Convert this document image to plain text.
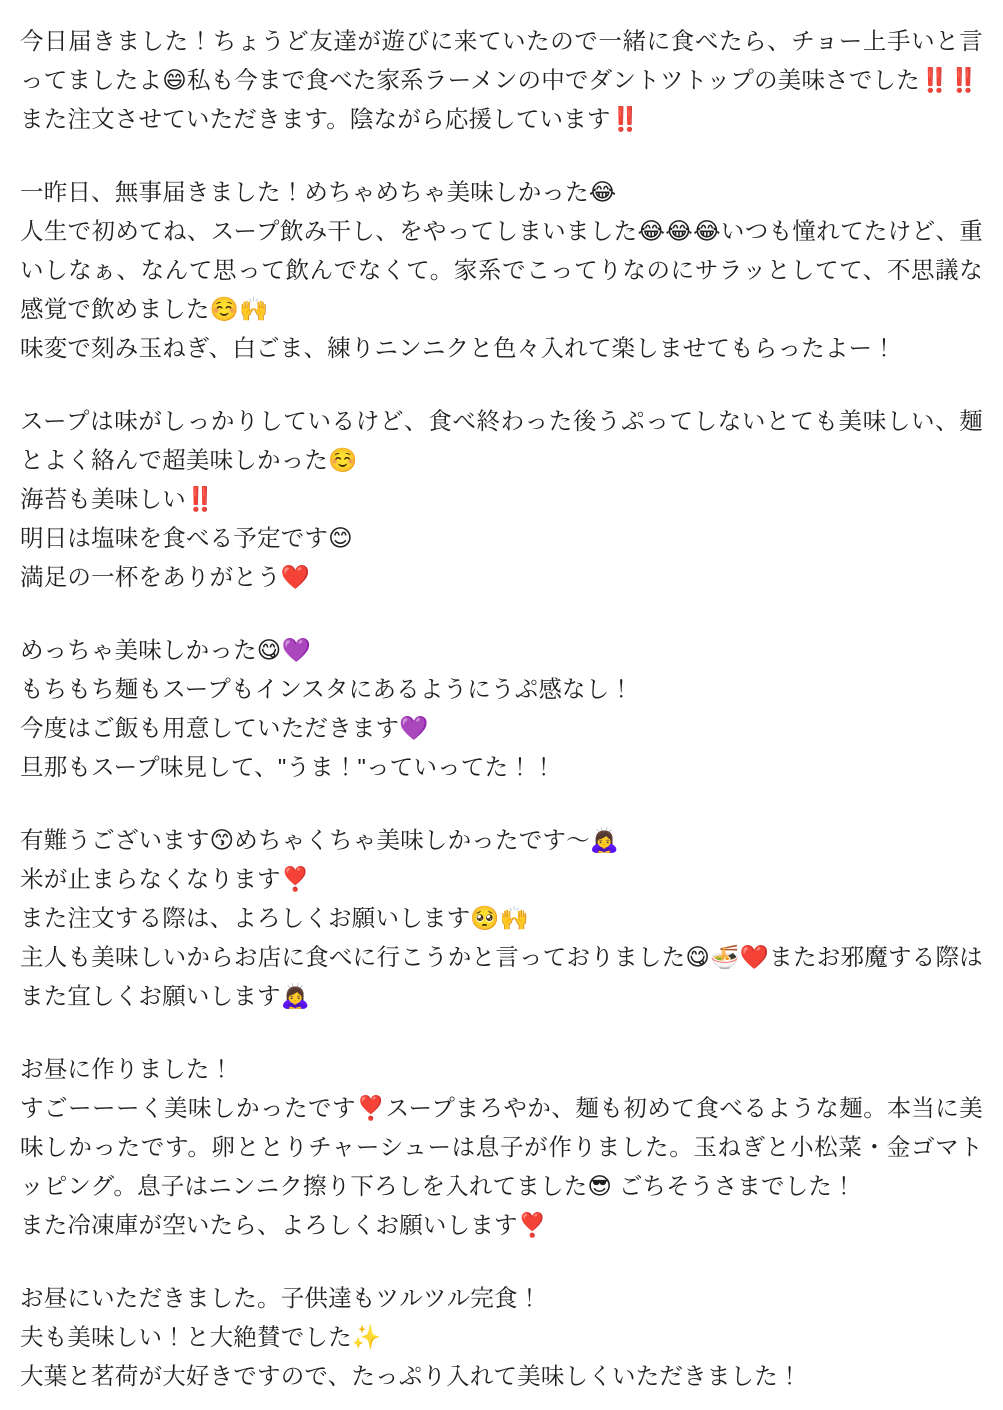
今日届きました！ちょうど友達が遊びに来ていたので一緒に食べたら、チョー上手いと言ってましたよ😄私も今まで食べた家系ラーメンの中でダントツトップの美味さでした‼️‼️

また注文させていただきます。陰ながら応援しています‼️

一昨日、無事届きました！めちゃめちゃ美味しかった😂

人生で初めてね、スープ飲み干し、をやってしまいました😂😂😂いつも憧れてたけど、重いしなぁ、なんて思って飲んでなくて。家系でこってりなのにサラッとしてて、不思議な感覚で飲めました☺️🙌

味変で刻み玉ねぎ、白ごま、練りニンニクと色々入れて楽しませてもらったよー！

スープは味がしっかりしているけど、食べ終わった後うぷってしないとても美味しい、麺とよく絡んで超美味しかった☺️

海苔も美味しい‼️

明日は塩味を食べる予定です😊

満足の一杯をありがとう❤️

めっちゃ美味しかった😋💜

もちもち麺もスープもインスタにあるようにうぷ感なし！

今度はご飯も用意していただきます💜

旦那もスープ味見して、"うま！"っていってた！！

有難うございます😙めちゃくちゃ美味しかったです〜🙇‍♀️

米が止まらなくなります❣️

また注文する際は、よろしくお願いします🥺🙌

主人も美味しいからお店に食べに行こうかと言っておりました😋🍜❤️またお邪魔する際はまた宜しくお願いします🙇‍♀️

お昼に作りました！

すごーーーく美味しかったです❣️スープまろやか、麺も初めて食べるような麺。本当に美味しかったです。卵ととりチャーシューは息子が作りました。玉ねぎと小松菜・金ゴマトッピング。息子はニンニク擦り下ろしを入れてました😎 ごちそうさまでした！

また冷凍庫が空いたら、よろしくお願いします❣️

お昼にいただきました。子供達もツルツル完食！

夫も美味しい！と大絶賛でした✨

大葉と茗荷が大好きですので、たっぷり入れて美味しくいただきました！
